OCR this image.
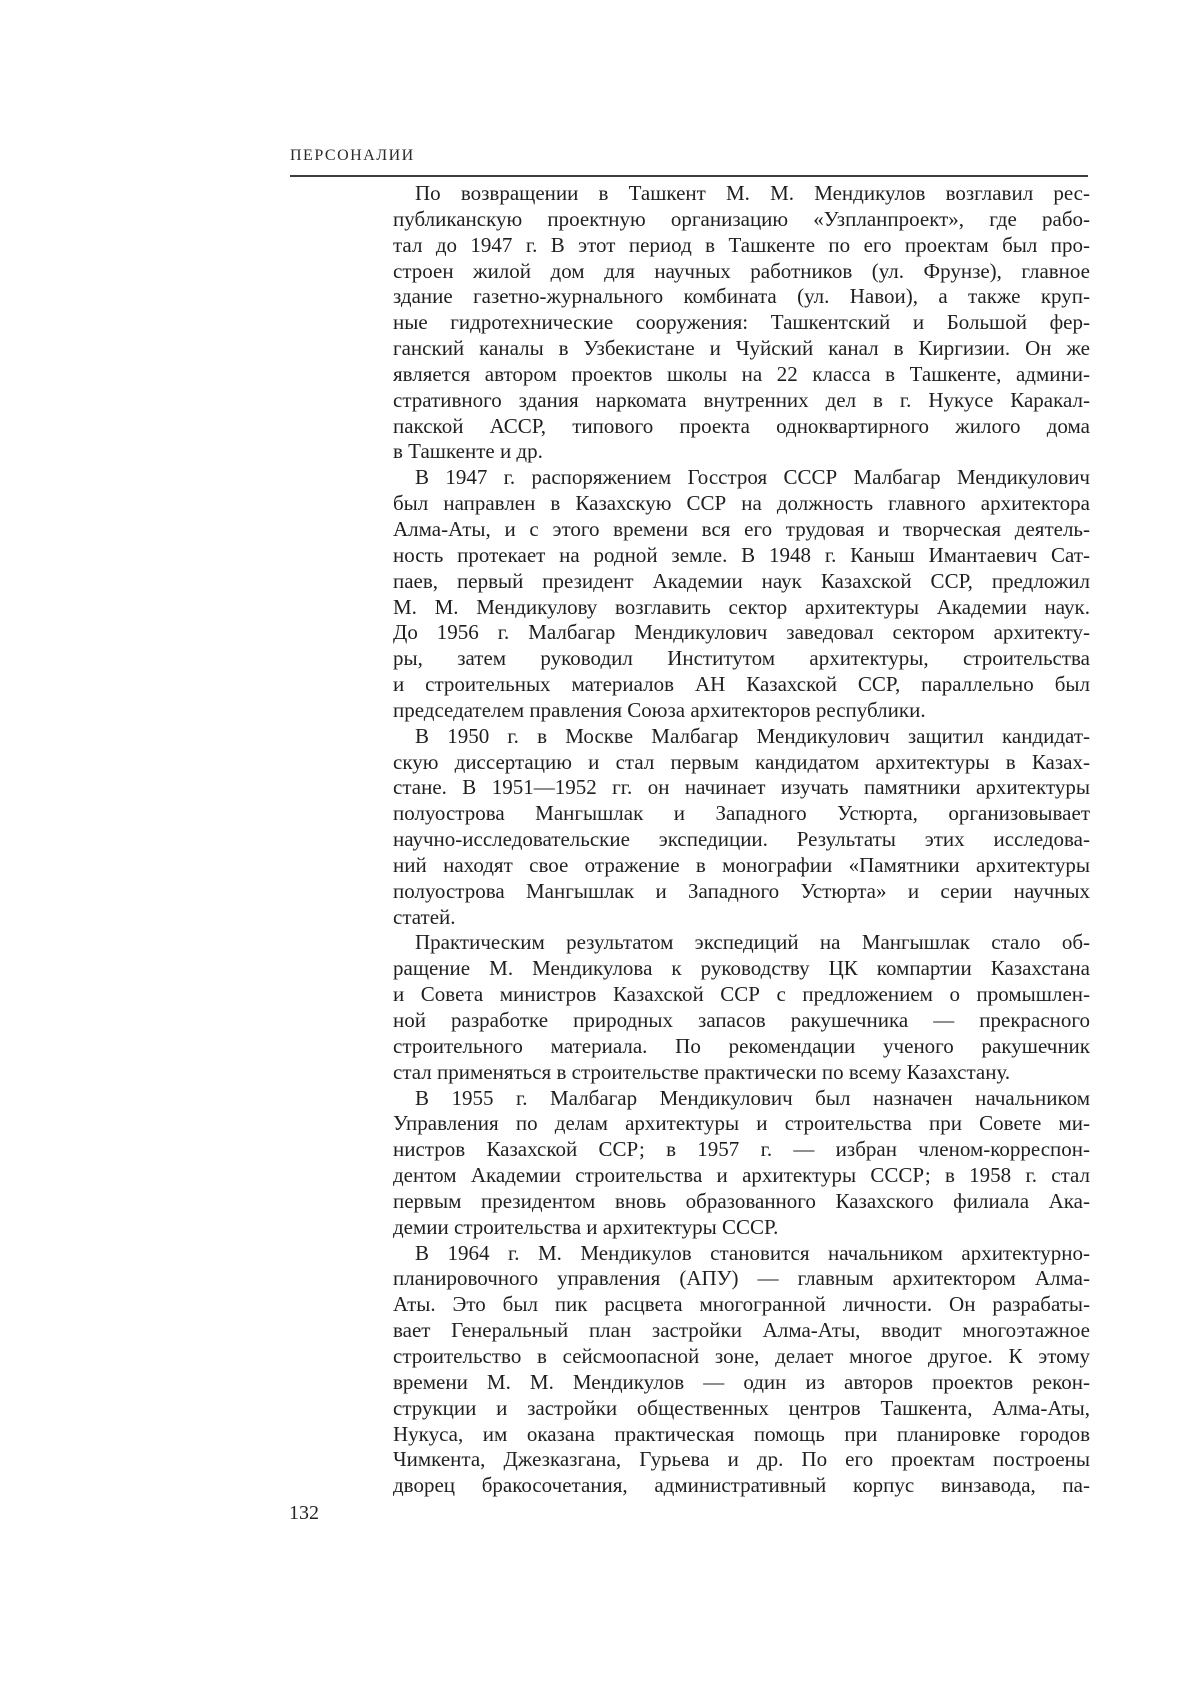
ПЕРСОНАЛИИ
По возвращении в Ташкент М. М. Мендикулов возглавил рес-
публиканскую проектную организацию «Узпланпроект», где рабо-
тал до 1947 г. В этот период в Ташкенте по его проектам был про-
строен жилой дом для научных работников (ул. Фрунзе), главное
здание газетно-журнального комбината (ул. Навои), а также круп-
ные гидротехнические сооружения: Ташкентский и Большой фер-
ганский каналы в Узбекистане и Чуйский канал в Киргизии. Он же
является автором проектов школы на 22 класса в Ташкенте, админи-
стративного здания наркомата внутренних дел в г. Нукусе Каракал-
пакской АССР, типового проекта одноквартирного жилого дома
в Ташкенте и др.
В 1947 г. распоряжением Госстроя СССР Малбагар Мендикулович
был направлен в Казахскую ССР на должность главного архитектора
Алма-Аты, и с этого времени вся его трудовая и творческая деятель-
ность протекает на родной земле. В 1948 г. Каныш Имантаевич Сат-
паев, первый президент Академии наук Казахской ССР, предложил
М. М. Мендикулову возглавить сектор архитектуры Академии наук.
До 1956 г. Малбагар Мендикулович заведовал сектором архитекту-
ры, затем руководил Институтом архитектуры, строительства
и строительных материалов АН Казахской ССР, параллельно был
председателем правления Союза архитекторов республики.
В 1950 г. в Москве Малбагар Мендикулович защитил кандидат-
скую диссертацию и стал первым кандидатом архитектуры в Казах-
стане. В 1951—1952 гг. он начинает изучать памятники архитектуры
полуострова Мангышлак и Западного Устюрта, организовывает
научно-исследовательские экспедиции. Результаты этих исследова-
ний находят свое отражение в монографии «Памятники архитектуры
полуострова Мангышлак и Западного Устюрта» и серии научных
статей.
Практическим результатом экспедиций на Мангышлак стало об-
ращение М. Мендикулова к руководству ЦК компартии Казахстана
и Совета министров Казахской ССР с предложением о промышлен-
ной разработке природных запасов ракушечника — прекрасного
строительного материала. По рекомендации ученого ракушечник
стал применяться в строительстве практически по всему Казахстану.
В 1955 г. Малбагар Мендикулович был назначен начальником
Управления по делам архитектуры и строительства при Совете ми-
нистров Казахской ССР; в 1957 г. — избран членом-корреспон-
дентом Академии строительства и архитектуры СССР; в 1958 г. стал
первым президентом вновь образованного Казахского филиала Ака-
демии строительства и архитектуры СССР.
В 1964 г. М. Мендикулов становится начальником архитектурно-
планировочного управления (АПУ) — главным архитектором Алма-
Аты. Это был пик расцвета многогранной личности. Он разрабаты-
вает Генеральный план застройки Алма-Аты, вводит многоэтажное
строительство в сейсмоопасной зоне, делает многое другое. К этому
времени М. М. Мендикулов — один из авторов проектов рекон-
струкции и застройки общественных центров Ташкента, Алма-Аты,
Нукуса, им оказана практическая помощь при планировке городов
Чимкента, Джезказгана, Гурьева и др. По его проектам построены
дворец бракосочетания, административный корпус винзавода, па-
132
